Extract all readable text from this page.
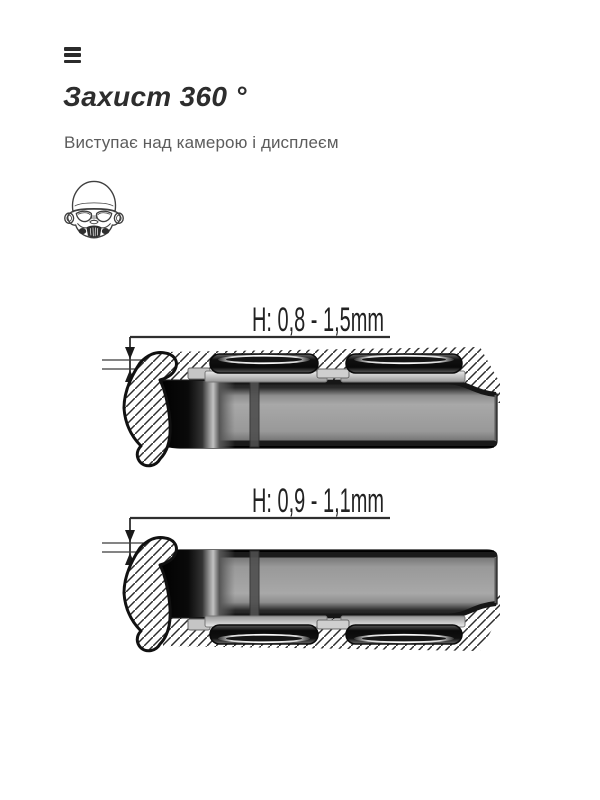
Захист 360 °

Виступає над камерою і дисплеєм

H: 0,8 - 1,5mm
H: 0,9 - 1,1mm
